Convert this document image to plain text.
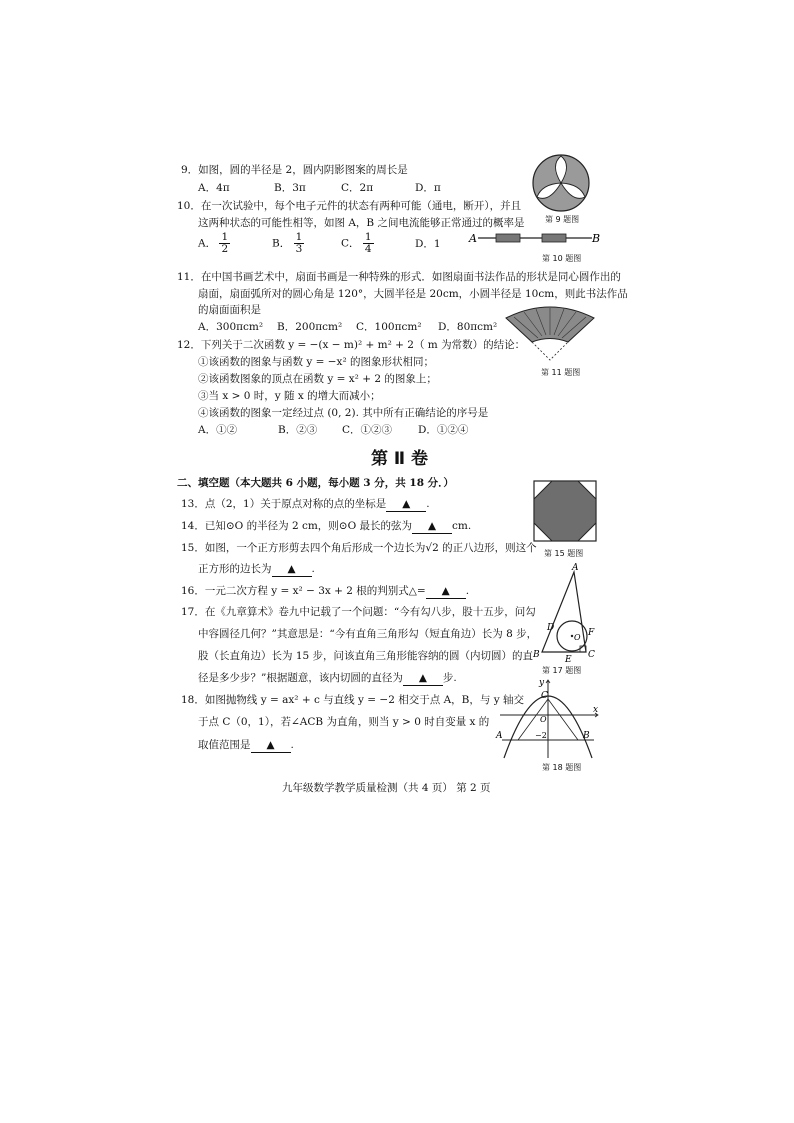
9．如图，圆的半径是 2，圆内阴影图案的周长是
A．4π	B．3π	C．2π	D．π
第 9 题图
10．在一次试验中，每个电子元件的状态有两种可能（通电，断开），并且
这两种状态的可能性相等，如图 A，B 之间电流能够正常通过的概率是
A． $\frac{1}{2}$	B． $\frac{1}{3}$	C． $\frac{1}{4}$	D．1	A	B
第 10 题图
11．在中国书画艺术中，扇面书画是一种特殊的形式．如图扇面书法作品的形状是同心圆作出的
扇面，扇面弧所对的圆心角是 120°，大圆半径是 20cm，小圆半径是 10cm，则此书法作品
的扇面面积是
A．300πcm² B．200πcm² C．100πcm² D．80πcm²
第 11 题图
12．下列关于二次函数 y = −(x − m)² + m² + 2（ m 为常数）的结论：
①该函数的图象与函数 y = −x² 的图象形状相同；
②该函数图象的顶点在函数 y = x² + 2 的图象上；
③当 x > 0 时，y 随 x 的增大而减小；
④该函数的图象一定经过点 (0, 2). 其中所有正确结论的序号是
A．①②	B．②③ C．①②③ D．①②④
第 Ⅱ 卷
二、填空题（本大题共 6 小题，每小题 3 分，共 18 分．）
13．点（2，1）关于原点对称的点的坐标是 ▲ .
14．已知⊙O 的半径为 2 cm，则⊙O 最长的弦为 ▲ cm.
15．如图，一个正方形剪去四个角后形成一个边长为√2 的正八边形，则这个
正方形的边长为 ▲ .
第 15 题图
16．一元二次方程 y = x² − 3x + 2 根的判别式△= ▲ .
17．在《九章算术》卷九中记载了一个问题：“今有勾八步，股十五步，问勾
中容圆径几何？”其意思是：“今有直角三角形勾（短直角边）长为 8 步，
股（长直角边）长为 15 步，问该直角三角形能容纳的圆（内切圆）的直
径是多少步？”根据题意，该内切圆的直径为 ▲ 步.
A
B	C
D
E
F
O
第 17 题图
18．如图抛物线 y = ax² + c 与直线 y = −2 相交于点 A，B，与 y 轴交
于点 C（0，1），若∠ACB 为直角，则当 y > 0 时自变量 x 的
取值范围是 ▲ .
y
x
C
O
A	B
−2
第 18 题图
九年级数学教学质量检测（共 4 页） 第 2 页
